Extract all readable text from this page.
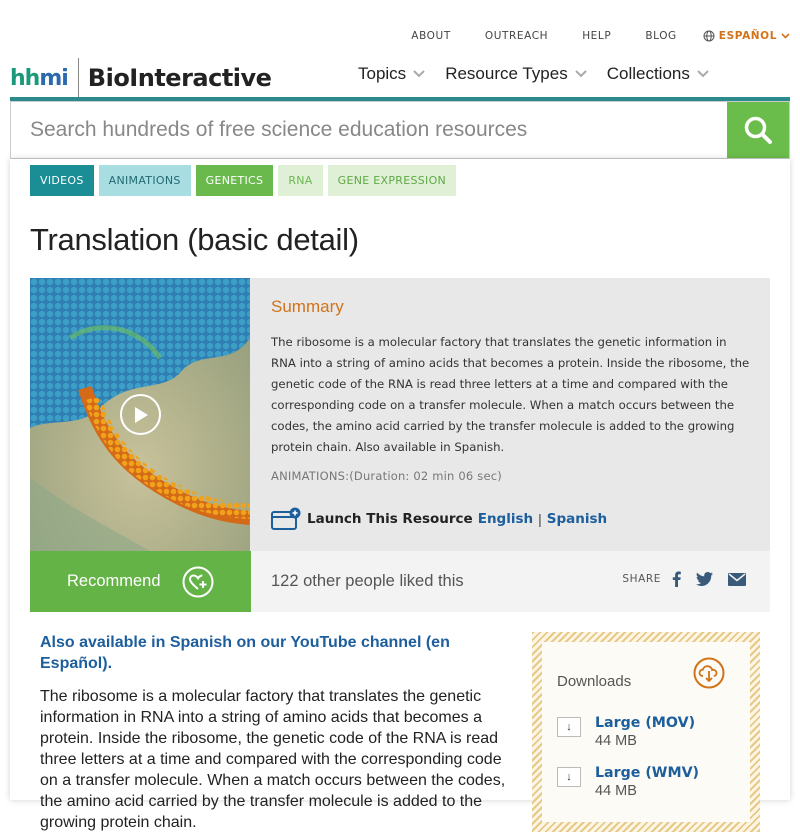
ABOUT	OUTREACH	HELP	BLOG	ESPAÑOL
hhmi BioInteractive	Topics Resource Types Collections
Search hundreds of free science education resources
VIDEOS	ANIMATIONS	GENETICS	RNA	GENE EXPRESSION
Translation (basic detail)
Summary

The ribosome is a molecular factory that translates the genetic information in RNA into a string of amino acids that becomes a protein. Inside the ribosome, the genetic code of the RNA is read three letters at a time and compared with the corresponding code on a transfer molecule. When a match occurs between the codes, the amino acid carried by the transfer molecule is added to the growing protein chain. Also available in Spanish.

ANIMATIONS:(Duration: 02 min 06 sec)
Launch This Resource English | Spanish
Recommend	122 other people liked this	SHARE
Also available in Spanish on our YouTube channel (en Español).

The ribosome is a molecular factory that translates the genetic information in RNA into a string of amino acids that becomes a protein. Inside the ribosome, the genetic code of the RNA is read three letters at a time and compared with the corresponding code on a transfer molecule. When a match occurs between the codes, the amino acid carried by the transfer molecule is added to the growing protein chain.

Downloads
↓	Large (MOV)
44 MB
↓	Large (WMV)
44 MB
